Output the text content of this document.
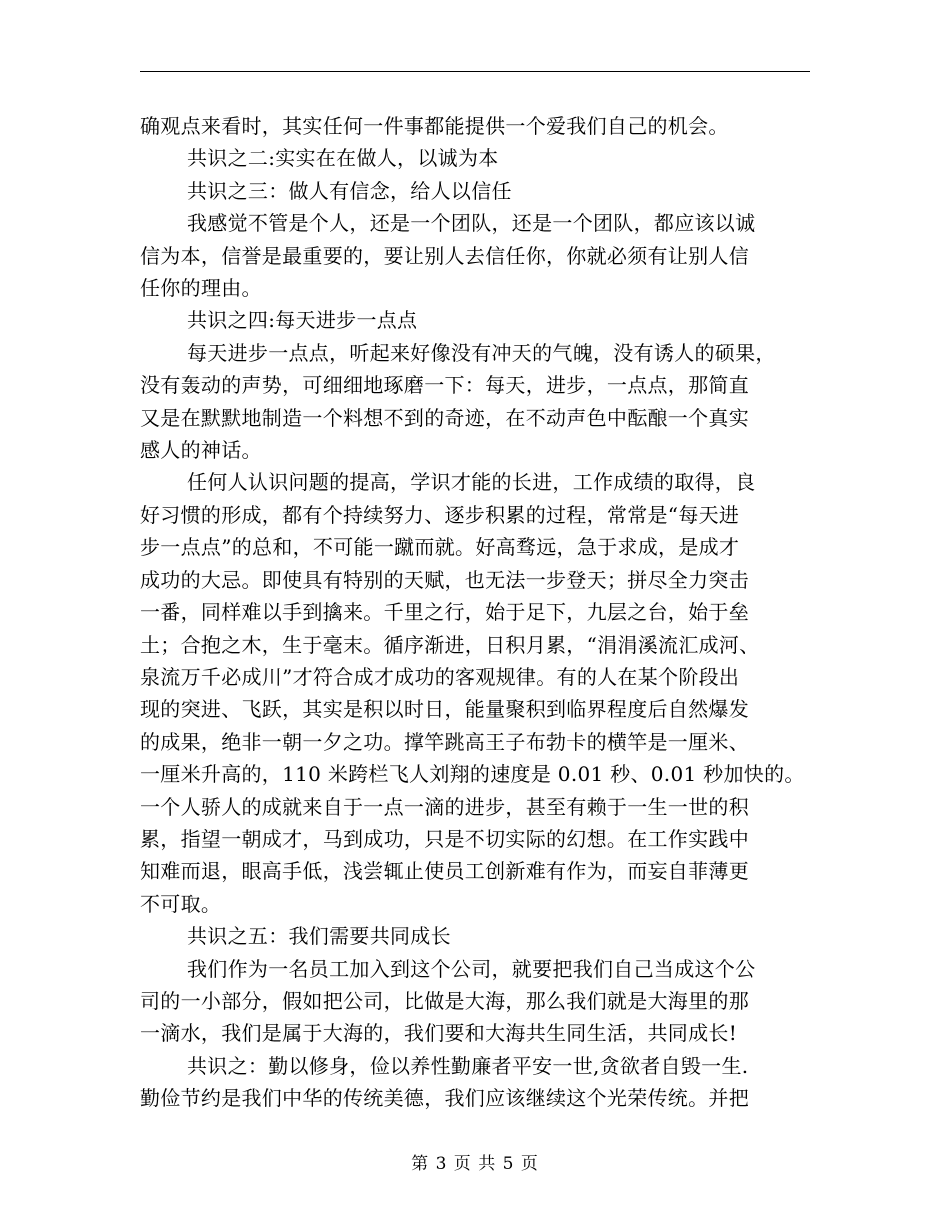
确观点来看时，其实任何一件事都能提供一个爱我们自己的机会。

共识之二:实实在在做人，以诚为本

共识之三：做人有信念，给人以信任

我感觉不管是个人，还是一个团队，还是一个团队，都应该以诚

信为本，信誉是最重要的，要让别人去信任你，你就必须有让别人信

任你的理由。

共识之四:每天进步一点点

每天进步一点点，听起来好像没有冲天的气魄，没有诱人的硕果，

没有轰动的声势，可细细地琢磨一下：每天，进步，一点点，那简直

又是在默默地制造一个料想不到的奇迹，在不动声色中酝酿一个真实

感人的神话。

任何人认识问题的提高，学识才能的长进，工作成绩的取得，良

好习惯的形成，都有个持续努力、逐步积累的过程，常常是“每天进

步一点点”的总和，不可能一蹴而就。好高骛远，急于求成，是成才

成功的大忌。即使具有特别的天赋，也无法一步登天；拼尽全力突击

一番，同样难以手到擒来。千里之行，始于足下，九层之台，始于垒

土；合抱之木，生于毫末。循序渐进，日积月累，“涓涓溪流汇成河、

泉流万千必成川”才符合成才成功的客观规律。有的人在某个阶段出

现的突进、飞跃，其实是积以时日，能量聚积到临界程度后自然爆发

的成果，绝非一朝一夕之功。撑竿跳高王子布勃卡的横竿是一厘米、

一厘米升高的，110 米跨栏飞人刘翔的速度是 0.01 秒、0.01 秒加快的。

一个人骄人的成就来自于一点一滴的进步，甚至有赖于一生一世的积

累，指望一朝成才，马到成功，只是不切实际的幻想。在工作实践中

知难而退，眼高手低，浅尝辄止使员工创新难有作为，而妄自菲薄更

不可取。

共识之五：我们需要共同成长

我们作为一名员工加入到这个公司，就要把我们自己当成这个公

司的一小部分，假如把公司，比做是大海，那么我们就是大海里的那

一滴水，我们是属于大海的，我们要和大海共生同生活，共同成长!

共识之：勤以修身，俭以养性勤廉者平安一世,贪欲者自毁一生.

勤俭节约是我们中华的传统美德，我们应该继续这个光荣传统。并把

第 3 页 共 5 页
